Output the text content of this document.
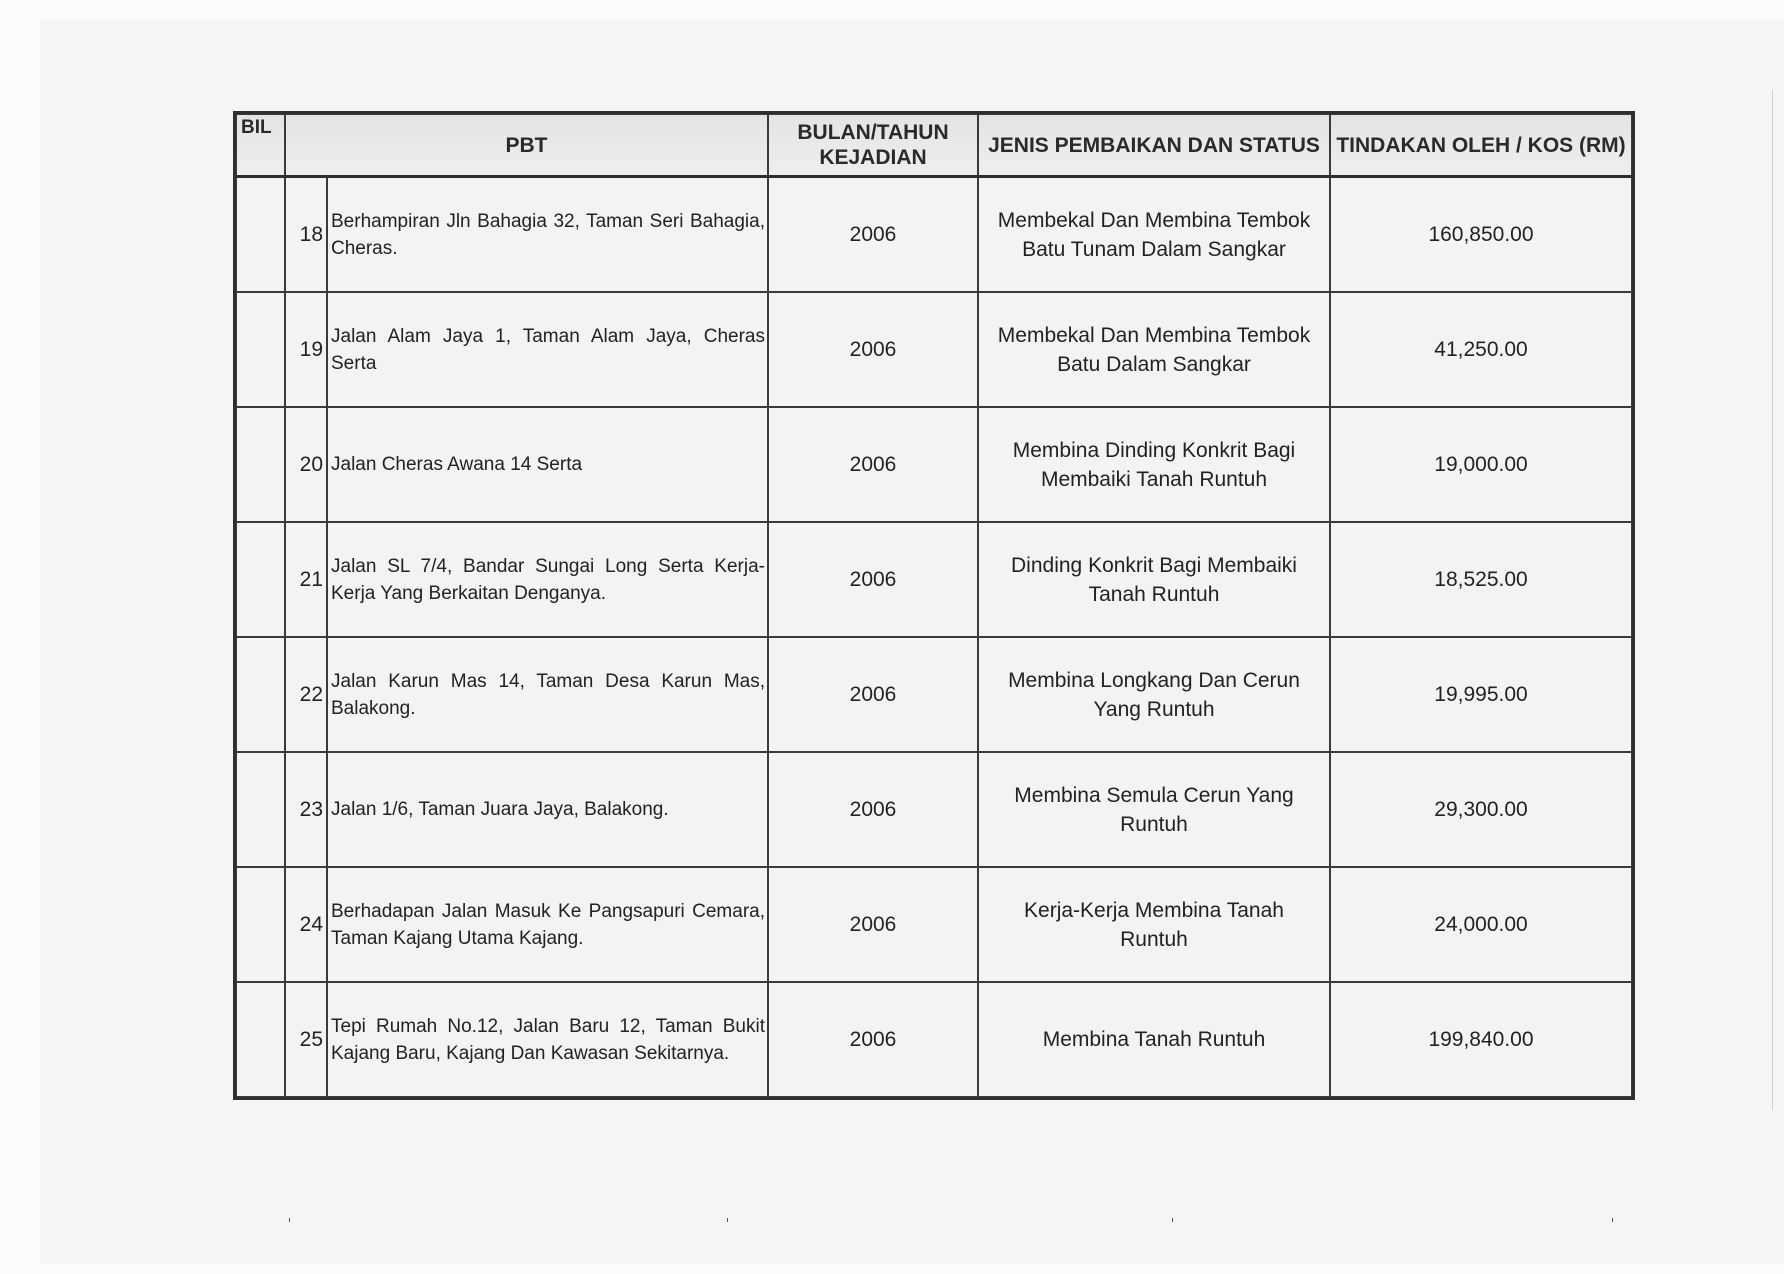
BIL	PBT		BULAN/TAHUN KEJADIAN	JENIS PEMBAIKAN DAN STATUS	TINDAKAN OLEH / KOS (RM)
	18	Berhampiran Jln Bahagia 32, Taman Seri Bahagia, Cheras.	2006	Membekal Dan Membina Tembok Batu Tunam Dalam Sangkar	160,850.00
	19	Jalan Alam Jaya 1, Taman Alam Jaya, Cheras Serta	2006	Membekal Dan Membina Tembok Batu Dalam Sangkar	41,250.00
	20	Jalan Cheras Awana 14 Serta	2006	Membina Dinding Konkrit Bagi Membaiki Tanah Runtuh	19,000.00
	21	Jalan SL 7/4, Bandar Sungai Long Serta Kerja-Kerja Yang Berkaitan Denganya.	2006	Dinding Konkrit Bagi Membaiki Tanah Runtuh	18,525.00
	22	Jalan Karun Mas 14, Taman Desa Karun Mas, Balakong.	2006	Membina Longkang Dan Cerun Yang Runtuh	19,995.00
	23	Jalan 1/6, Taman Juara Jaya, Balakong.	2006	Membina Semula Cerun Yang Runtuh	29,300.00
	24	Berhadapan Jalan Masuk Ke Pangsapuri Cemara, Taman Kajang Utama Kajang.	2006	Kerja-Kerja Membina Tanah Runtuh	24,000.00
	25	Tepi Rumah No.12, Jalan Baru 12, Taman Bukit Kajang Baru, Kajang Dan Kawasan Sekitarnya.	2006	Membina Tanah Runtuh	199,840.00
